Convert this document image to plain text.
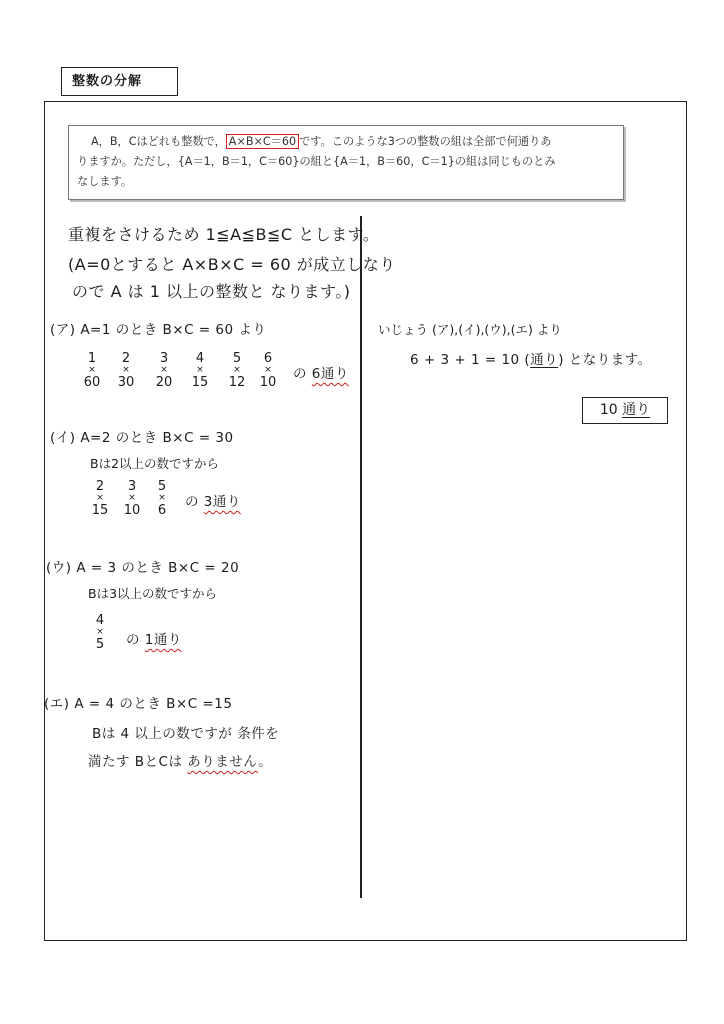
整数の分解
A，B，Cはどれも整数で， A×B×C＝60 です。このような3つの整数の組は全部で何通りあ
りますか。ただし，{A＝1，B＝1，C＝60}の組と{A＝1，B＝60，C＝1}の組は同じものとみ
なします。
重複をさけるため 1≦A≦B≦C とします。
(A=0とすると A×B×C = 60 が成立しなり
ので A は 1 以上の整数と なります。)
(ア) A=1 のとき B×C = 60 より
1
×
60
2
×
30
3
×
20
4
×
15
5
×
12
6
×
10
の 6通り
(イ) A=2 のとき B×C = 30
Bは2以上の数ですから
2
×
15
3
×
10
5
×
6
の 3通り
(ウ) A = 3 のとき B×C = 20
Bは3以上の数ですから
4
×
5	の 1通り
(エ) A = 4 のとき B×C =15
Bは 4 以上の数ですが 条件を
満たす BとCは ありません。
いじょう (ア),(イ),(ウ),(エ) より
6 + 3 + 1 = 10 (通り) となります。
10 通り
